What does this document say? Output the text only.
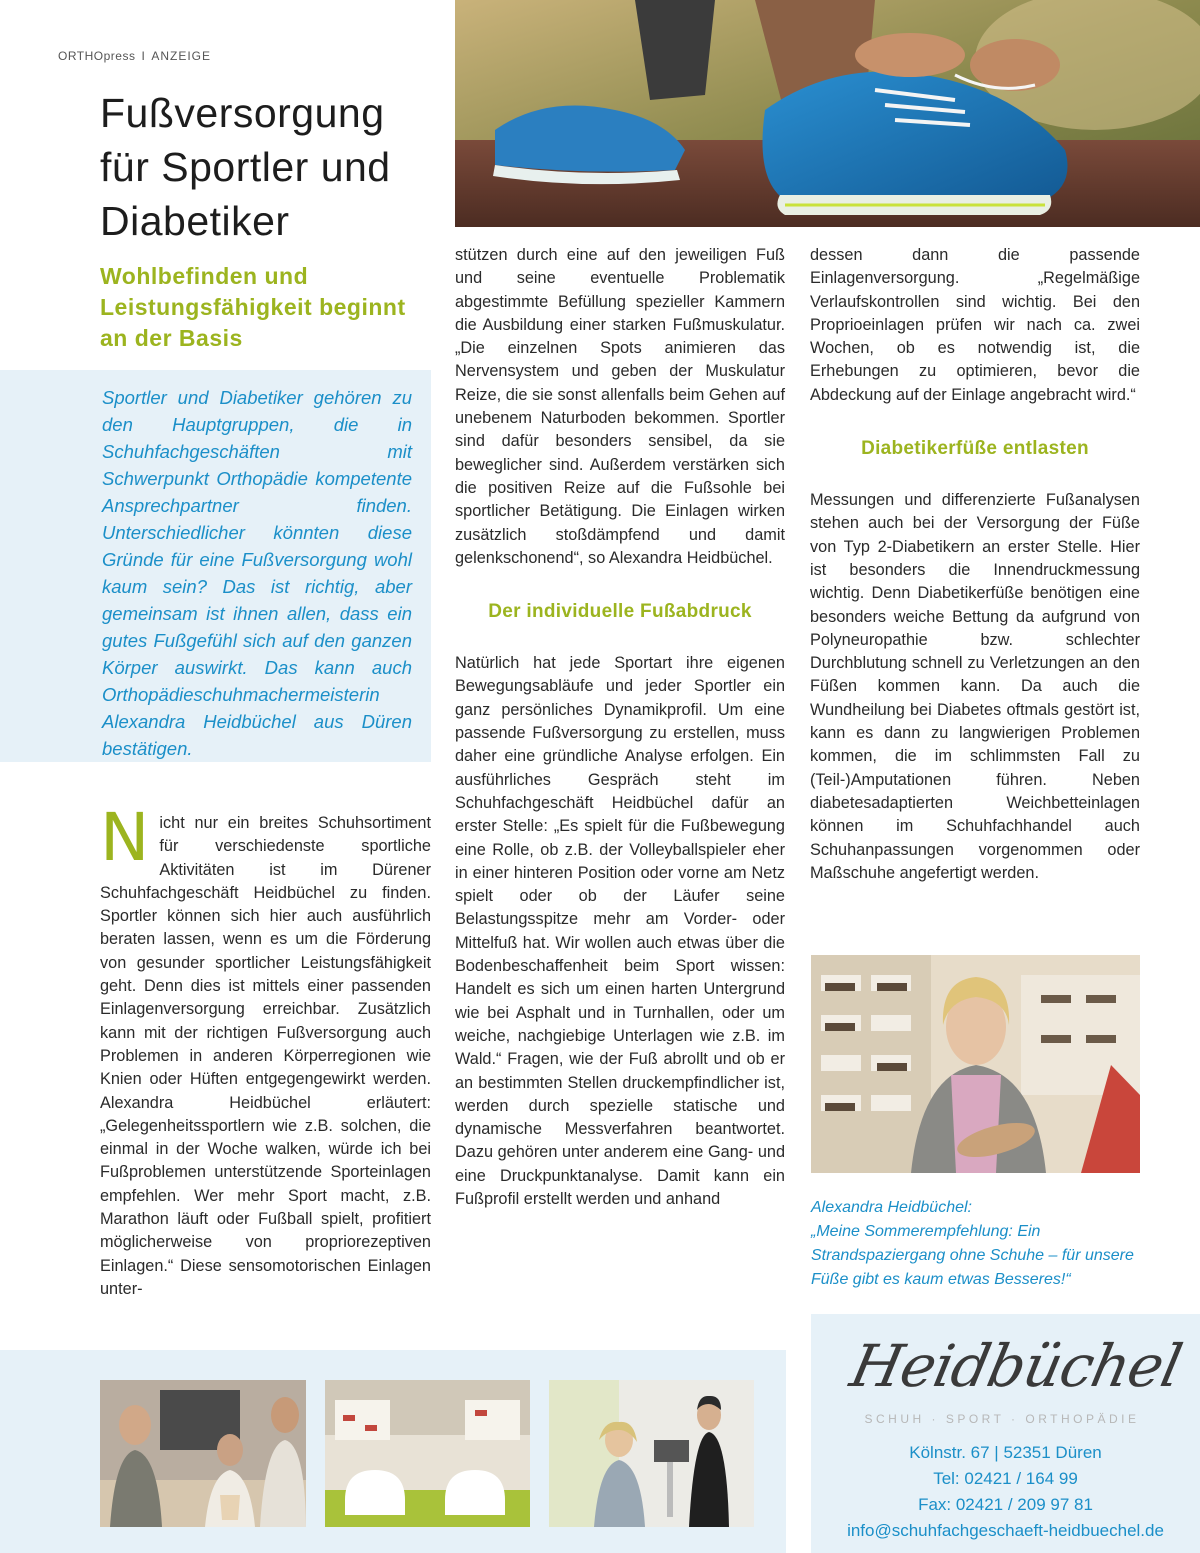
ORTHOpress I ANZEIGE
Fußversorgung für Sportler und Diabetiker
Wohlbefinden und Leistungsfähigkeit beginnt an der Basis

Sportler und Diabetiker gehören zu den Hauptgruppen, die in Schuhfachgeschäften mit Schwerpunkt Orthopädie kompetente Ansprechpartner finden. Unterschiedlicher könnten diese Gründe für eine Fußversorgung wohl kaum sein? Das ist richtig, aber gemeinsam ist ihnen allen, dass ein gutes Fußgefühl sich auf den ganzen Körper auswirkt. Das kann auch Orthopädieschuhmachermeisterin Alexandra Heidbüchel aus Düren bestätigen.

N icht nur ein breites Schuhsortiment für verschiedenste sportliche Aktivitäten ist im Dürener Schuhfachgeschäft Heidbüchel zu finden. Sportler können sich hier auch ausführlich beraten lassen, wenn es um die Förderung von gesunder sportlicher Leistungsfähigkeit geht. Denn dies ist mittels einer passenden Einlagenversorgung erreichbar. Zusätzlich kann mit der richtigen Fußversorgung auch Problemen in anderen Körperregionen wie Knien oder Hüften entgegengewirkt werden. Alexandra Heidbüchel erläutert: „Gelegenheitssportlern wie z.B. solchen, die einmal in der Woche walken, würde ich bei Fußproblemen unterstützende Sporteinlagen empfehlen. Wer mehr Sport macht, z.B. Marathon läuft oder Fußball spielt, profitiert möglicherweise von propriorezeptiven Einlagen.“ Diese sensomotorischen Einlagen unter-

stützen durch eine auf den jeweiligen Fuß und seine eventuelle Problematik abgestimmte Befüllung spezieller Kammern die Ausbildung einer starken Fußmuskulatur. „Die einzelnen Spots animieren das Nervensystem und geben der Muskulatur Reize, die sie sonst allenfalls beim Gehen auf unebenem Naturboden bekommen. Sportler sind dafür besonders sensibel, da sie beweglicher sind. Außerdem verstärken sich die positiven Reize auf die Fußsohle bei sportlicher Betätigung. Die Einlagen wirken zusätzlich stoßdämpfend und damit gelenkschonend“, so Alexandra Heidbüchel.

Der individuelle Fußabdruck

Natürlich hat jede Sportart ihre eigenen Bewegungsabläufe und jeder Sportler ein ganz persönliches Dynamikprofil. Um eine passende Fußversorgung zu erstellen, muss daher eine gründliche Analyse erfolgen. Ein ausführliches Gespräch steht im Schuhfachgeschäft Heidbüchel dafür an erster Stelle: „Es spielt für die Fußbewegung eine Rolle, ob z.B. der Volleyballspieler eher in einer hinteren Position oder vorne am Netz spielt oder ob der Läufer seine Belastungsspitze mehr am Vorder- oder Mittelfuß hat. Wir wollen auch etwas über die Bodenbeschaffenheit beim Sport wissen: Handelt es sich um einen harten Untergrund wie bei Asphalt und in Turnhallen, oder um weiche, nachgiebige Unterlagen wie z.B. im Wald.“ Fragen, wie der Fuß abrollt und ob er an bestimmten Stellen druckempfindlicher ist, werden durch spezielle statische und dynamische Messverfahren beantwortet. Dazu gehören unter anderem eine Gang- und eine Druckpunktanalyse. Damit kann ein Fußprofil erstellt werden und anhand

dessen dann die passende Einlagenversorgung. „Regelmäßige Verlaufskontrollen sind wichtig. Bei den Proprioeinlagen prüfen wir nach ca. zwei Wochen, ob es notwendig ist, die Erhebungen zu optimieren, bevor die Abdeckung auf der Einlage angebracht wird.“

Diabetikerfüße entlasten

Messungen und differenzierte Fußanalysen stehen auch bei der Versorgung der Füße von Typ 2-Diabetikern an erster Stelle. Hier ist besonders die Innendruckmessung wichtig. Denn Diabetikerfüße benötigen eine besonders weiche Bettung da aufgrund von Polyneuropathie bzw. schlechter Durchblutung schnell zu Verletzungen an den Füßen kommen kann. Da auch die Wundheilung bei Diabetes oftmals gestört ist, kann es dann zu langwierigen Problemen kommen, die im schlimmsten Fall zu (Teil-)Amputationen führen. Neben diabetesadaptierten Weichbetteinlagen können im Schuhfachhandel auch Schuhanpassungen vorgenommen oder Maßschuhe angefertigt werden.

Alexandra Heidbüchel:
„Meine Sommerempfehlung: Ein Strandspaziergang ohne Schuhe – für unsere Füße gibt es kaum etwas Besseres!“
Heidbüchel
SCHUH · SPORT · ORTHOPÄDIE
Kölnstr. 67 | 52351 Düren
Tel: 02421 / 164 99
Fax: 02421 / 209 97 81
info@schuhfachgeschaeft-heidbuechel.de
